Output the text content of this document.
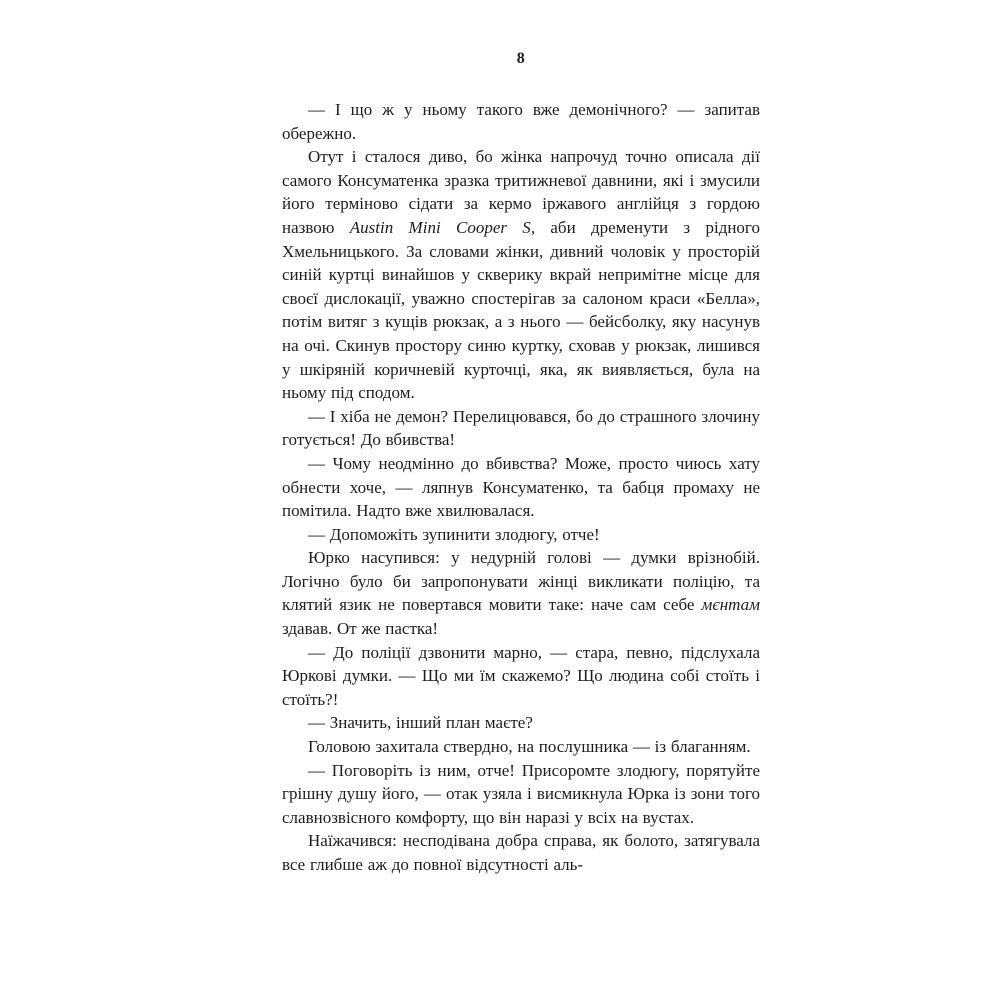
8

— І що ж у ньому такого вже демонічного? — запитав обережно.

Отут і сталося диво, бо жінка напрочуд точно описала дії самого Консуматенка зразка тритижневої давнини, які і змусили його терміново сідати за кермо іржавого англійця з гордою назвою Austin Mini Cooper S, аби дременути з рідного Хмельницького. За словами жінки, дивний чоловік у просторій синій куртці винайшов у скверику вкрай непримітне місце для своєї дислокації, уважно спостерігав за салоном краси «Белла», потім витяг з кущів рюкзак, а з нього — бейсболку, яку насунув на очі. Скинув простору синю куртку, сховав у рюкзак, лишився у шкіряній коричневій курточці, яка, як виявляється, була на ньому під сподом.

— І хіба не демон? Перелицювався, бо до страшного злочину готується! До вбивства!

— Чому неодмінно до вбивства? Може, просто чиюсь хату обнести хоче, — ляпнув Консуматенко, та бабця промаху не помітила. Надто вже хвилювалася.

— Допоможіть зупинити злодюгу, отче!

Юрко насупився: у недурній голові — думки врізнобій. Логічно було би запропонувати жінці викликати поліцію, та клятий язик не повертався мовити таке: наче сам себе мєнтам здавав. От же пастка!

— До поліції дзвонити марно, — стара, певно, підслухала Юркові думки. — Що ми їм скажемо? Що людина собі стоїть і стоїть?!

— Значить, інший план маєте?

Головою захитала ствердно, на послушника — із благанням.

— Поговоріть із ним, отче! Присоромте злодюгу, порятуйте грішну душу його, — отак узяла і висмикнула Юрка із зони того славнозвісного комфорту, що він наразі у всіх на вустах.

Наїжачився: несподівана добра справа, як болото, затягувала все глибше аж до повної відсутності аль-
